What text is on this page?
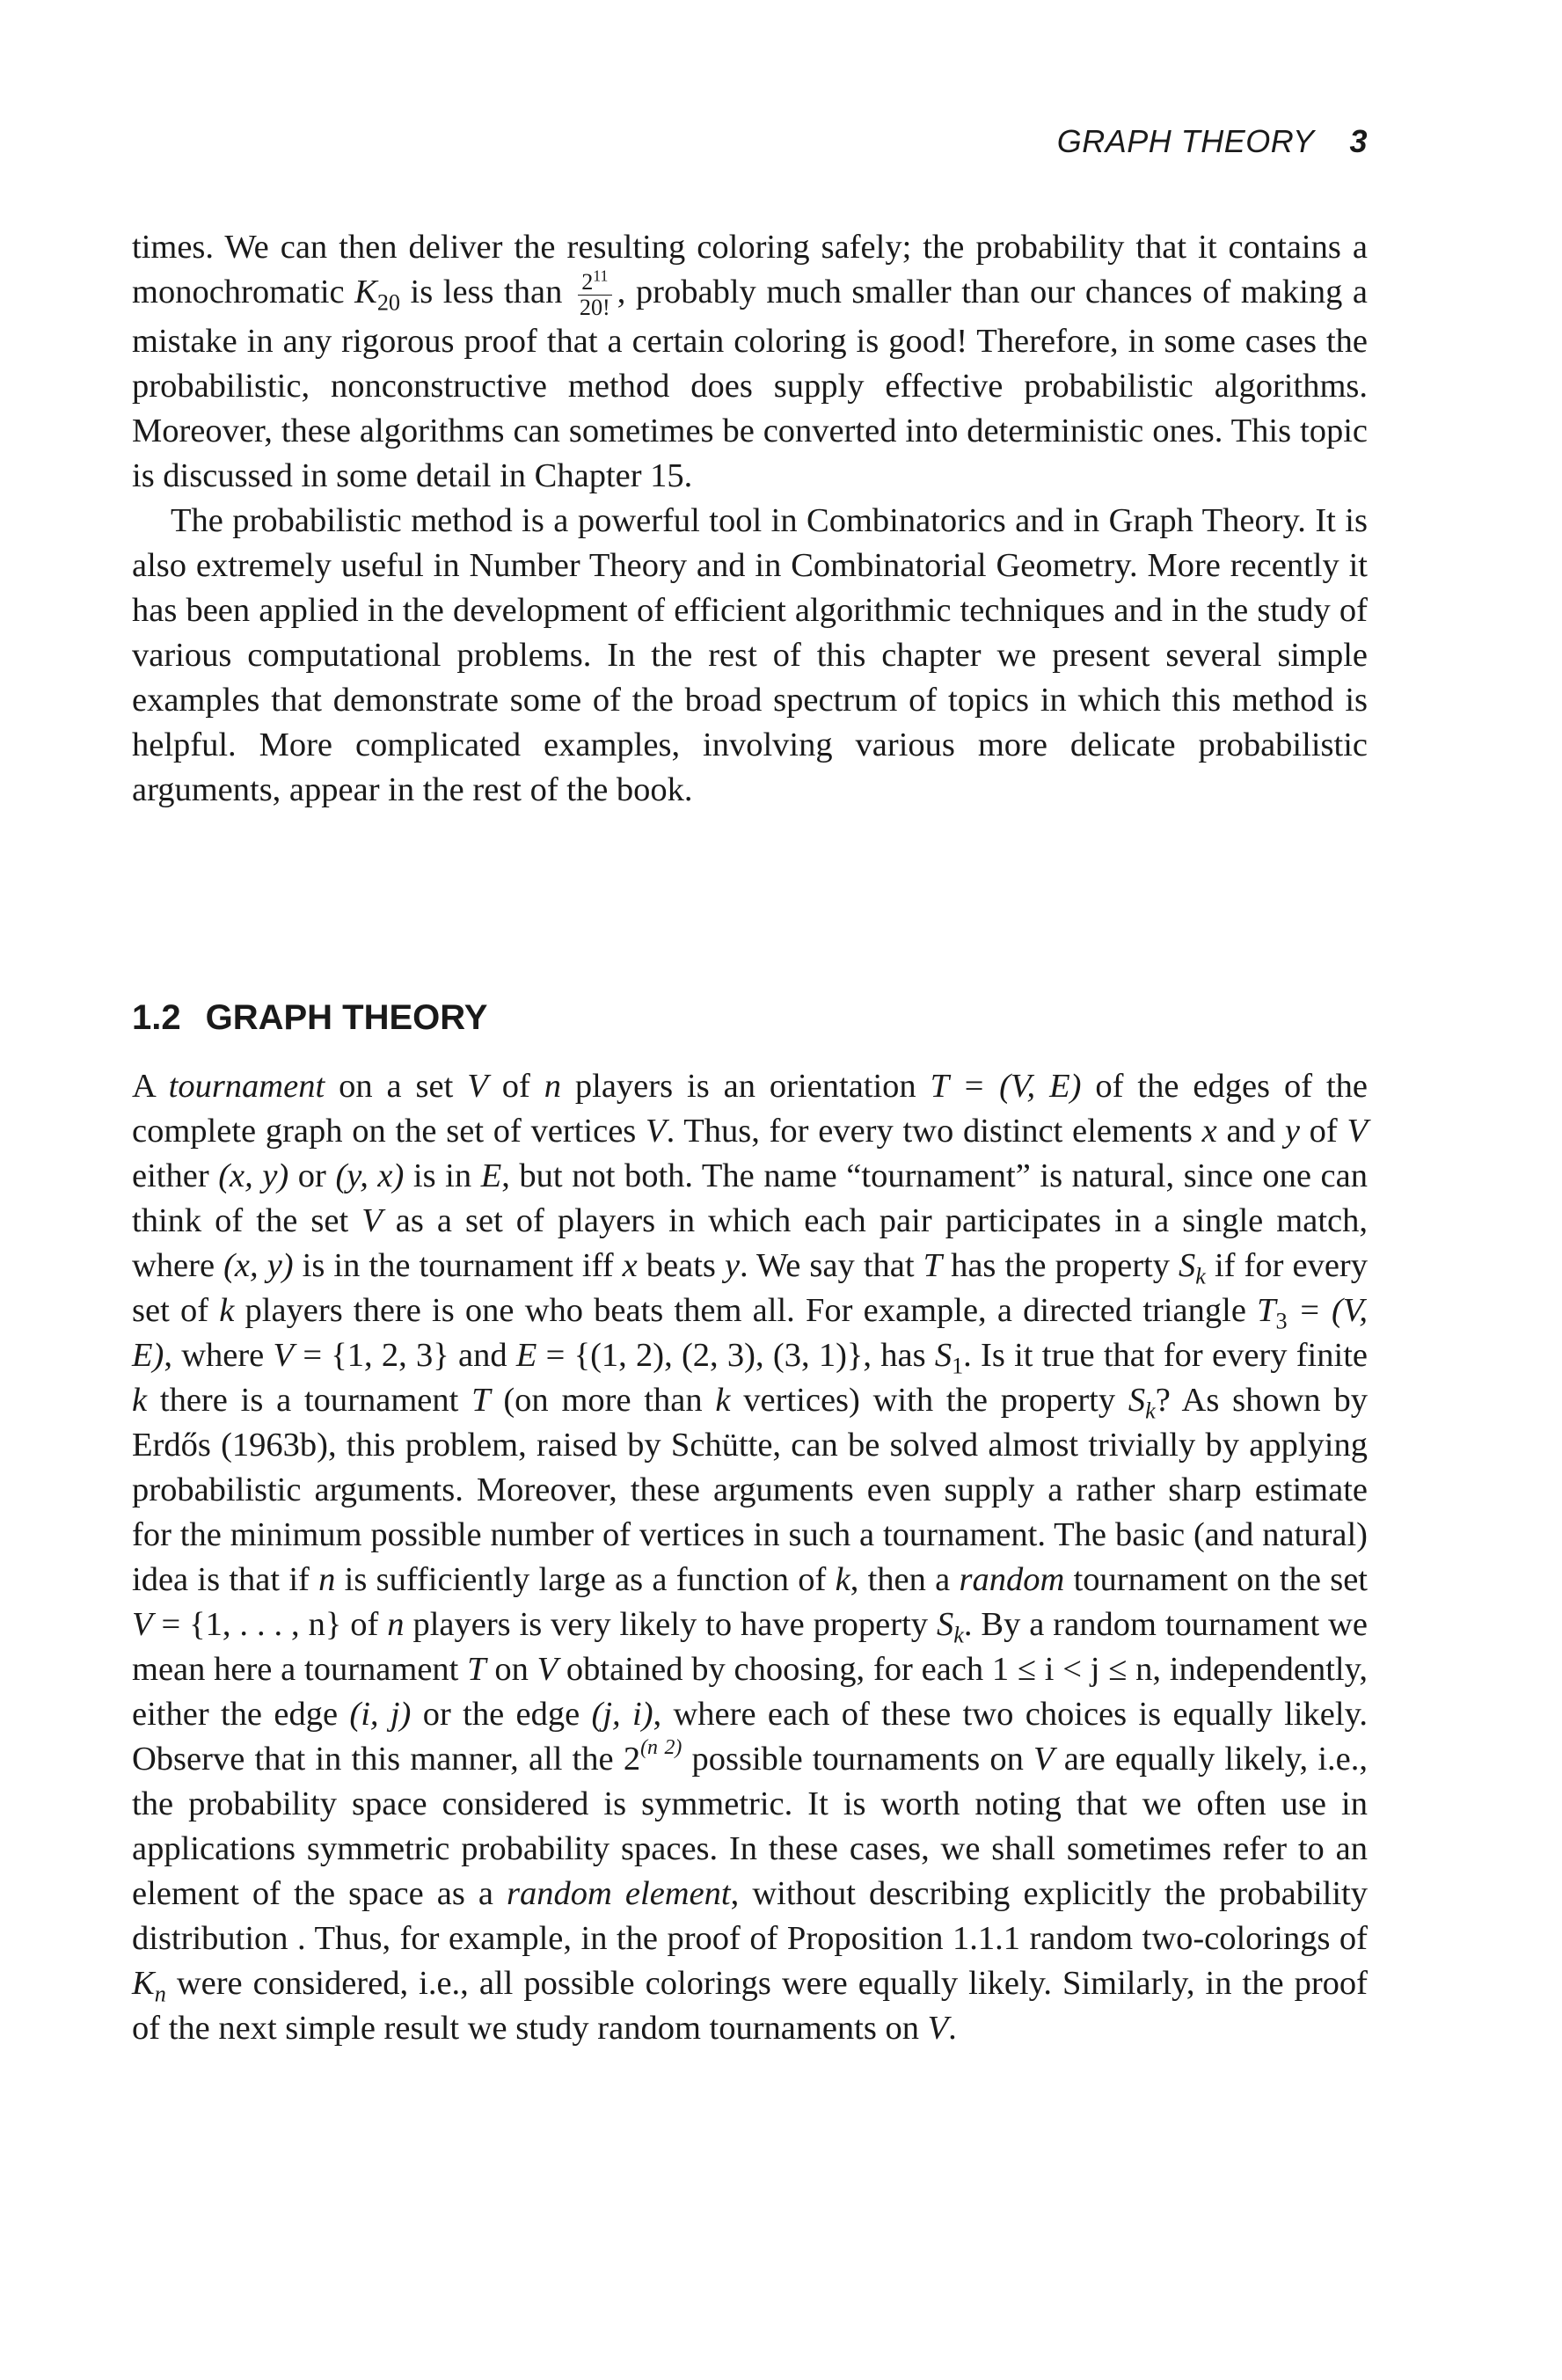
GRAPH THEORY 3

times. We can then deliver the resulting coloring safely; the probability that it contains a monochromatic $K_{20}$ is less than $\frac{2^{11}}{20!}$ , probably much smaller than our chances of making a mistake in any rigorous proof that a certain coloring is good! Therefore, in some cases the probabilistic, nonconstructive method does supply effective probabilistic algorithms. Moreover, these algorithms can sometimes be converted into deterministic ones. This topic is discussed in some detail in Chapter 15.

The probabilistic method is a powerful tool in Combinatorics and in Graph Theory. It is also extremely useful in Number Theory and in Combinatorial Geometry. More recently it has been applied in the development of efficient algorithmic techniques and in the study of various computational problems. In the rest of this chapter we present several simple examples that demonstrate some of the broad spectrum of topics in which this method is helpful. More complicated examples, involving various more delicate probabilistic arguments, appear in the rest of the book.

1.2 GRAPH THEORY

A tournament on a set V of n players is an orientation T = (V, E) of the edges of the complete graph on the set of vertices V. Thus, for every two distinct elements x and y of V either (x, y) or (y, x) is in E, but not both. The name “tournament” is natural, since one can think of the set V as a set of players in which each pair participates in a single match, where (x, y) is in the tournament iff x beats y. We say that T has the property $S_k$ if for every set of k players there is one who beats them all. For example, a directed triangle $T_3 = (V$, E), where V = {1, 2, 3} and E = {(1, 2), (2, 3), (3, 1)}, has $S_1$. Is it true that for every finite k there is a tournament T (on more than k vertices) with the property $S_k$? As shown by Erdős (1963b), this problem, raised by Schütte, can be solved almost trivially by applying probabilistic arguments. Moreover, these arguments even supply a rather sharp estimate for the minimum possible number of vertices in such a tournament. The basic (and natural) idea is that if n is sufficiently large as a function of k, then a random tournament on the set V = {1, . . . , n} of n players is very likely to have property $S_k$. By a random tournament we mean here a tournament T on V obtained by choosing, for each 1 ≤ i < j ≤ n, independently, either the edge (i, j) or the edge (j, i), where each of these two choices is equally likely. Observe that in this manner, all the $2^{(n 2)}$ possible tournaments on V are equally likely, i.e., the probability space considered is symmetric. It is worth noting that we often use in applications symmetric probability spaces. In these cases, we shall sometimes refer to an element of the space as a random element, without describing explicitly the probability distribution . Thus, for example, in the proof of Proposition 1.1.1 random two-colorings of $K_n$ were considered, i.e., all possible colorings were equally likely. Similarly, in the proof of the next simple result we study random tournaments on V.
